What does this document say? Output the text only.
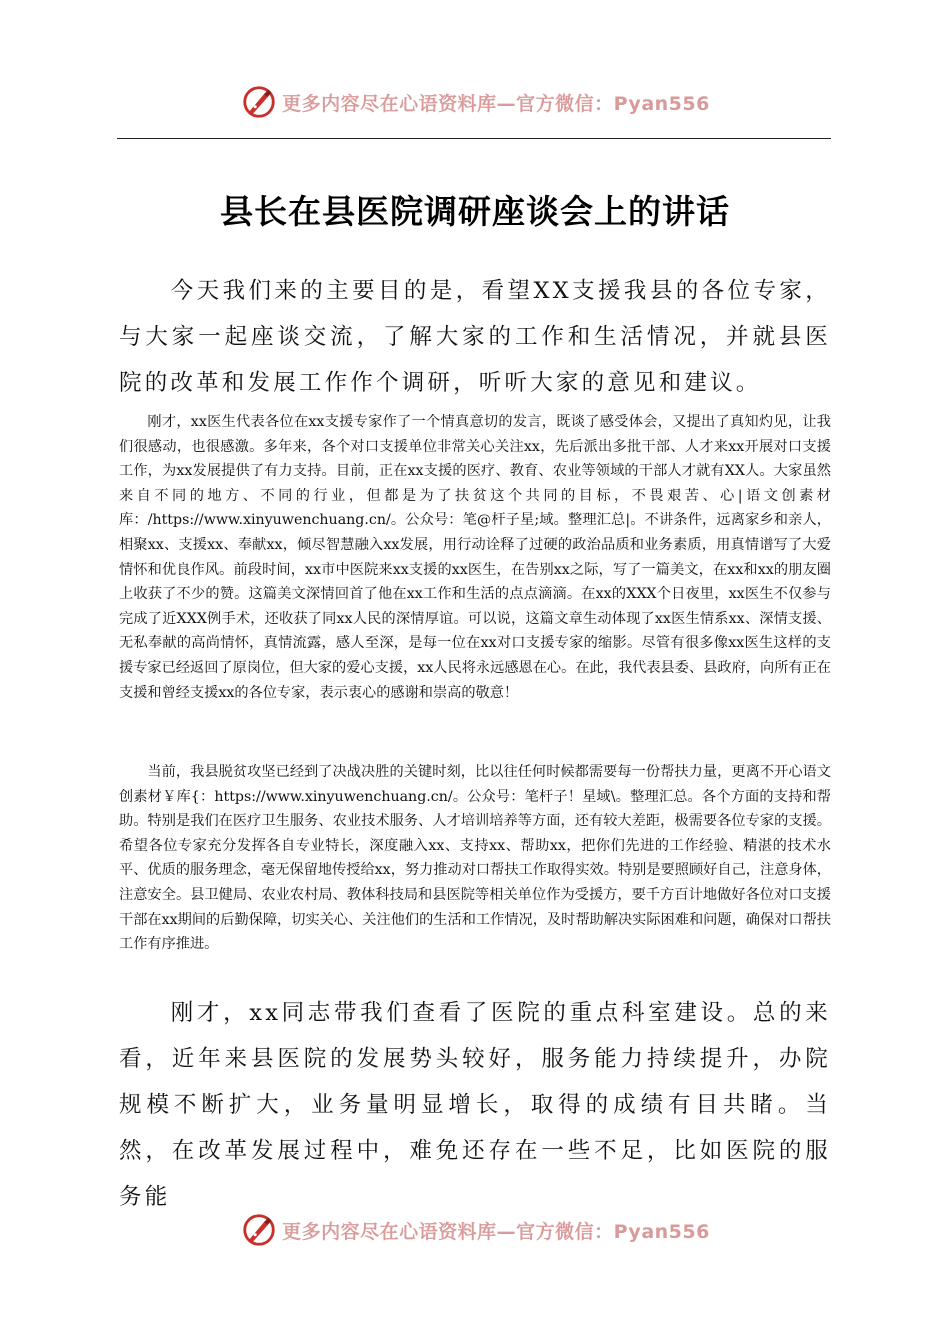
更多内容尽在心语资料库—官方微信：Pyan556
县长在县医院调研座谈会上的讲话

今天我们来的主要目的是，看望XX支援我县的各位专家，与大家一起座谈交流，了解大家的工作和生活情况，并就县医院的改革和发展工作作个调研，听听大家的意见和建议。

刚才，xx医生代表各位在xx支援专家作了一个情真意切的发言，既谈了感受体会，又提出了真知灼见，让我们很感动，也很感激。多年来，各个对口支援单位非常关心关注xx，先后派出多批干部、人才来xx开展对口支援工作，为xx发展提供了有力支持。目前，正在xx支援的医疗、教育、农业等领域的干部人才就有XX人。大家虽然来自不同的地方、不同的行业，但都是为了扶贫这个共同的目标，不畏艰苦、心|语文创素材库：/https://www.xinyuwenchuang.cn/。公众号：笔@杆子星;域。整理汇总|。不讲条件，远离家乡和亲人，相聚xx、支援xx、奉献xx，倾尽智慧融入xx发展，用行动诠释了过硬的政治品质和业务素质，用真情谱写了大爱情怀和优良作风。前段时间，xx市中医院来xx支援的xx医生，在告别xx之际，写了一篇美文，在xx和xx的朋友圈上收获了不少的赞。这篇美文深情回首了他在xx工作和生活的点点滴滴。在xx的XXX个日夜里，xx医生不仅参与完成了近XXX例手术，还收获了同xx人民的深情厚谊。可以说，这篇文章生动体现了xx医生情系xx、深情支援、无私奉献的高尚情怀，真情流露，感人至深，是每一位在xx对口支援专家的缩影。尽管有很多像xx医生这样的支援专家已经返回了原岗位，但大家的爱心支援，xx人民将永远感恩在心。在此，我代表县委、县政府，向所有正在支援和曾经支援xx的各位专家，表示衷心的感谢和崇高的敬意！

当前，我县脱贫攻坚已经到了决战决胜的关键时刻，比以往任何时候都需要每一份帮扶力量，更离不开心语文创素材￥库{：https://www.xinyuwenchuang.cn/。公众号：笔杆子！星域\。整理汇总。各个方面的支持和帮助。特别是我们在医疗卫生服务、农业技术服务、人才培训培养等方面，还有较大差距，极需要各位专家的支援。希望各位专家充分发挥各自专业特长，深度融入xx、支持xx、帮助xx，把你们先进的工作经验、精湛的技术水平、优质的服务理念，毫无保留地传授给xx，努力推动对口帮扶工作取得实效。特别是要照顾好自己，注意身体，注意安全。县卫健局、农业农村局、教体科技局和县医院等相关单位作为受援方，要千方百计地做好各位对口支援干部在xx期间的后勤保障，切实关心、关注他们的生活和工作情况，及时帮助解决实际困难和问题，确保对口帮扶工作有序推进。

刚才，xx同志带我们查看了医院的重点科室建设。总的来看，近年来县医院的发展势头较好，服务能力持续提升，办院规模不断扩大，业务量明显增长，取得的成绩有目共睹。当然，在改革发展过程中，难免还存在一些不足，比如医院的服务能

更多内容尽在心语资料库—官方微信：Pyan556
